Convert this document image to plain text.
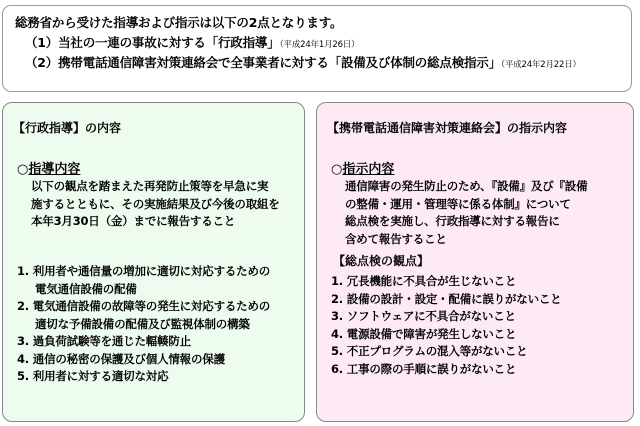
総務省から受けた指導および指示は以下の2点となります。
（1）当社の一連の事故に対する「行政指導」（平成24年1月26日）
（2）携帯電話通信障害対策連絡会で全事業者に対する「設備及び体制の総点検指示」（平成24年2月22日）
【行政指導】の内容
○指導内容
以下の観点を踏まえた再発防止策等を早急に実
施するとともに、その実施結果及び今後の取組を
本年3月30日（金）までに報告すること
1. 利用者や通信量の増加に適切に対応するための
電気通信設備の配備
2. 電気通信設備の故障等の発生に対応するための
適切な予備設備の配備及び監視体制の構築
3. 過負荷試験等を通じた輻輳防止
4. 通信の秘密の保護及び個人情報の保護
5. 利用者に対する適切な対応
【携帯電話通信障害対策連絡会】の指示内容
○指示内容
通信障害の発生防止のため、『設備』及び『設備
の整備・運用・管理等に係る体制』について
総点検を実施し、行政指導に対する報告に
含めて報告すること
【総点検の観点】
1. 冗長機能に不具合が生じないこと
2. 設備の設計・設定・配備に誤りがないこと
3. ソフトウェアに不具合がないこと
4. 電源設備で障害が発生しないこと
5. 不正プログラムの混入等がないこと
6. 工事の際の手順に誤りがないこと
